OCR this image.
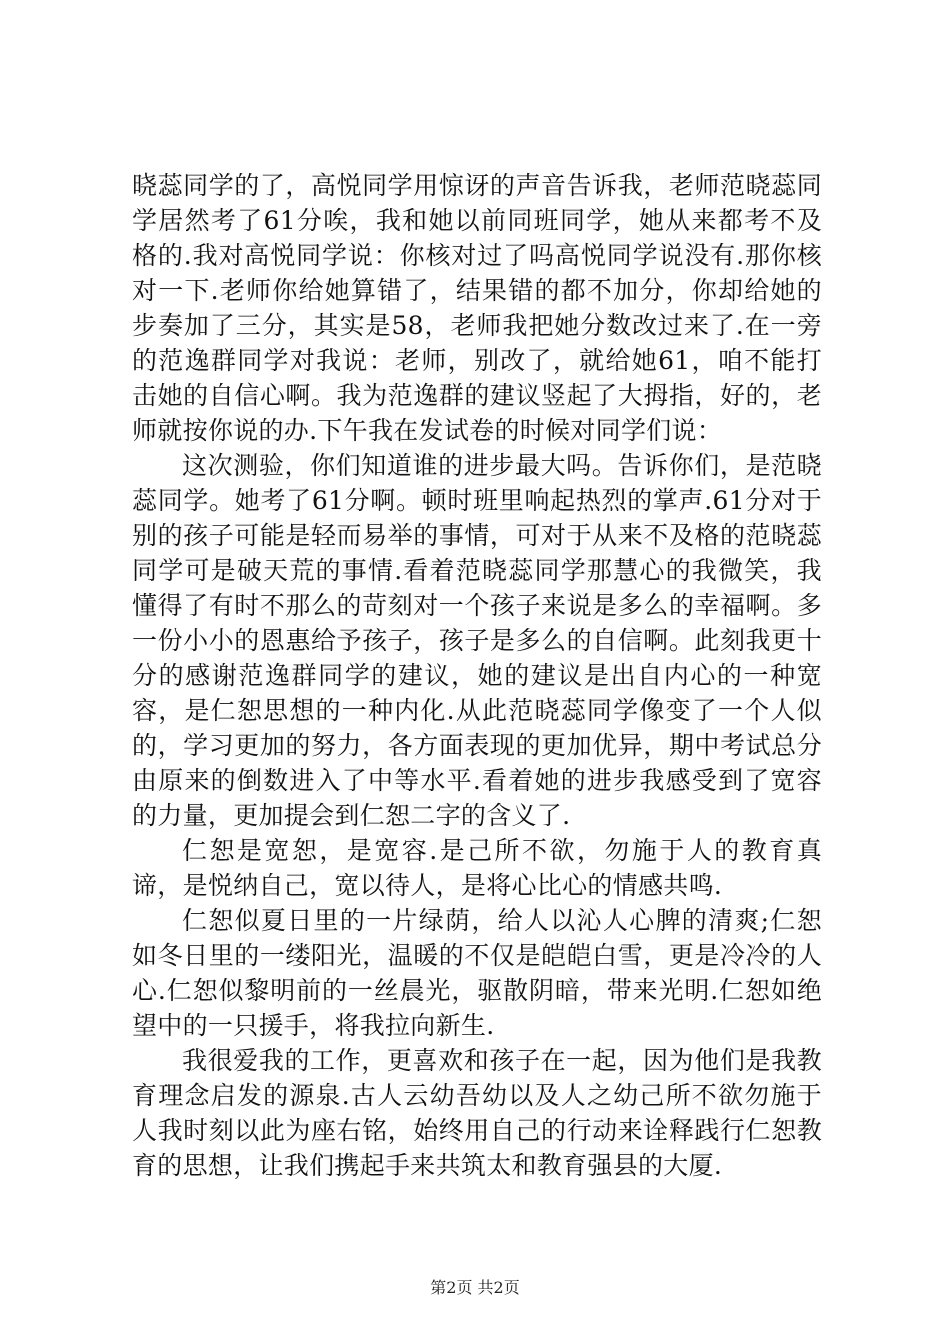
晓蕊同学的了，高悦同学用惊讶的声音告诉我，老师范晓蕊同学居然考了61分唉，我和她以前同班同学，她从来都考不及格的.我对高悦同学说：你核对过了吗高悦同学说没有.那你核对一下.老师你给她算错了，结果错的都不加分，你却给她的步奏加了三分，其实是58，老师我把她分数改过来了.在一旁的范逸群同学对我说：老师，别改了，就给她61，咱不能打击她的自信心啊。我为范逸群的建议竖起了大拇指，好的，老师就按你说的办.下午我在发试卷的时候对同学们说：

这次测验，你们知道谁的进步最大吗。告诉你们，是范晓蕊同学。她考了61分啊。顿时班里响起热烈的掌声.61分对于别的孩子可能是轻而易举的事情，可对于从来不及格的范晓蕊同学可是破天荒的事情.看着范晓蕊同学那慧心的我微笑，我懂得了有时不那么的苛刻对一个孩子来说是多么的幸福啊。多一份小小的恩惠给予孩子，孩子是多么的自信啊。此刻我更十分的感谢范逸群同学的建议，她的建议是出自内心的一种宽容，是仁恕思想的一种内化.从此范晓蕊同学像变了一个人似的，学习更加的努力，各方面表现的更加优异，期中考试总分由原来的倒数进入了中等水平.看着她的进步我感受到了宽容的力量，更加提会到仁恕二字的含义了.

仁恕是宽恕，是宽容.是己所不欲，勿施于人的教育真谛，是悦纳自己，宽以待人，是将心比心的情感共鸣.

仁恕似夏日里的一片绿荫，给人以沁人心脾的清爽;仁恕如冬日里的一缕阳光，温暖的不仅是皑皑白雪，更是冷冷的人心.仁恕似黎明前的一丝晨光，驱散阴暗，带来光明.仁恕如绝望中的一只援手，将我拉向新生.

我很爱我的工作，更喜欢和孩子在一起，因为他们是我教育理念启发的源泉.古人云幼吾幼以及人之幼己所不欲勿施于人我时刻以此为座右铭，始终用自己的行动来诠释践行仁恕教育的思想，让我们携起手来共筑太和教育强县的大厦.

第2页 共2页
